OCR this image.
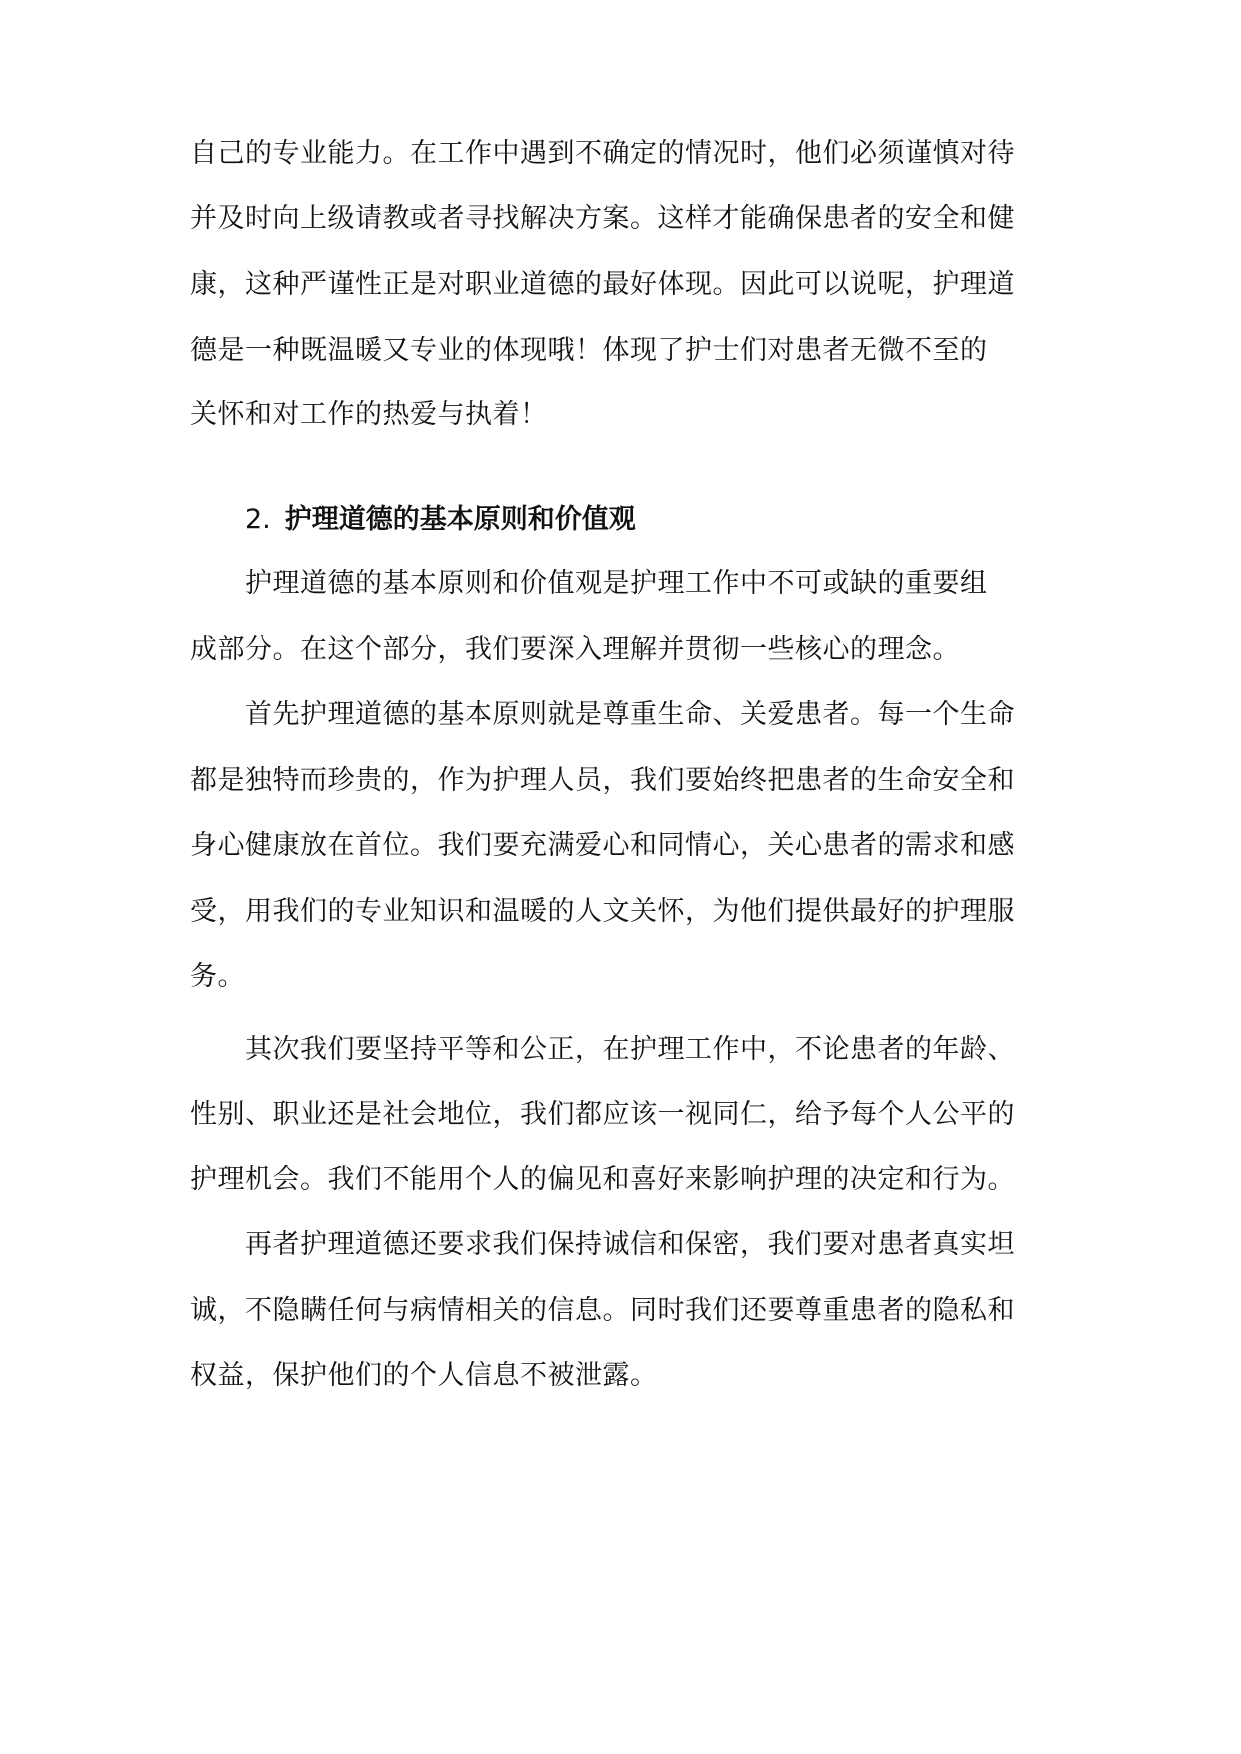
自己的专业能力。在工作中遇到不确定的情况时，他们必须谨慎对待
并及时向上级请教或者寻找解决方案。这样才能确保患者的安全和健
康，这种严谨性正是对职业道德的最好体现。因此可以说呢，护理道
德是一种既温暖又专业的体现哦！体现了护士们对患者无微不至的
关怀和对工作的热爱与执着！
2. 护理道德的基本原则和价值观
护理道德的基本原则和价值观是护理工作中不可或缺的重要组
成部分。在这个部分，我们要深入理解并贯彻一些核心的理念。
首先护理道德的基本原则就是尊重生命、关爱患者。每一个生命
都是独特而珍贵的，作为护理人员，我们要始终把患者的生命安全和
身心健康放在首位。我们要充满爱心和同情心，关心患者的需求和感
受，用我们的专业知识和温暖的人文关怀，为他们提供最好的护理服
务。
其次我们要坚持平等和公正，在护理工作中，不论患者的年龄、
性别、职业还是社会地位，我们都应该一视同仁，给予每个人公平的
护理机会。我们不能用个人的偏见和喜好来影响护理的决定和行为。
再者护理道德还要求我们保持诚信和保密，我们要对患者真实坦
诚，不隐瞒任何与病情相关的信息。同时我们还要尊重患者的隐私和
权益，保护他们的个人信息不被泄露。
